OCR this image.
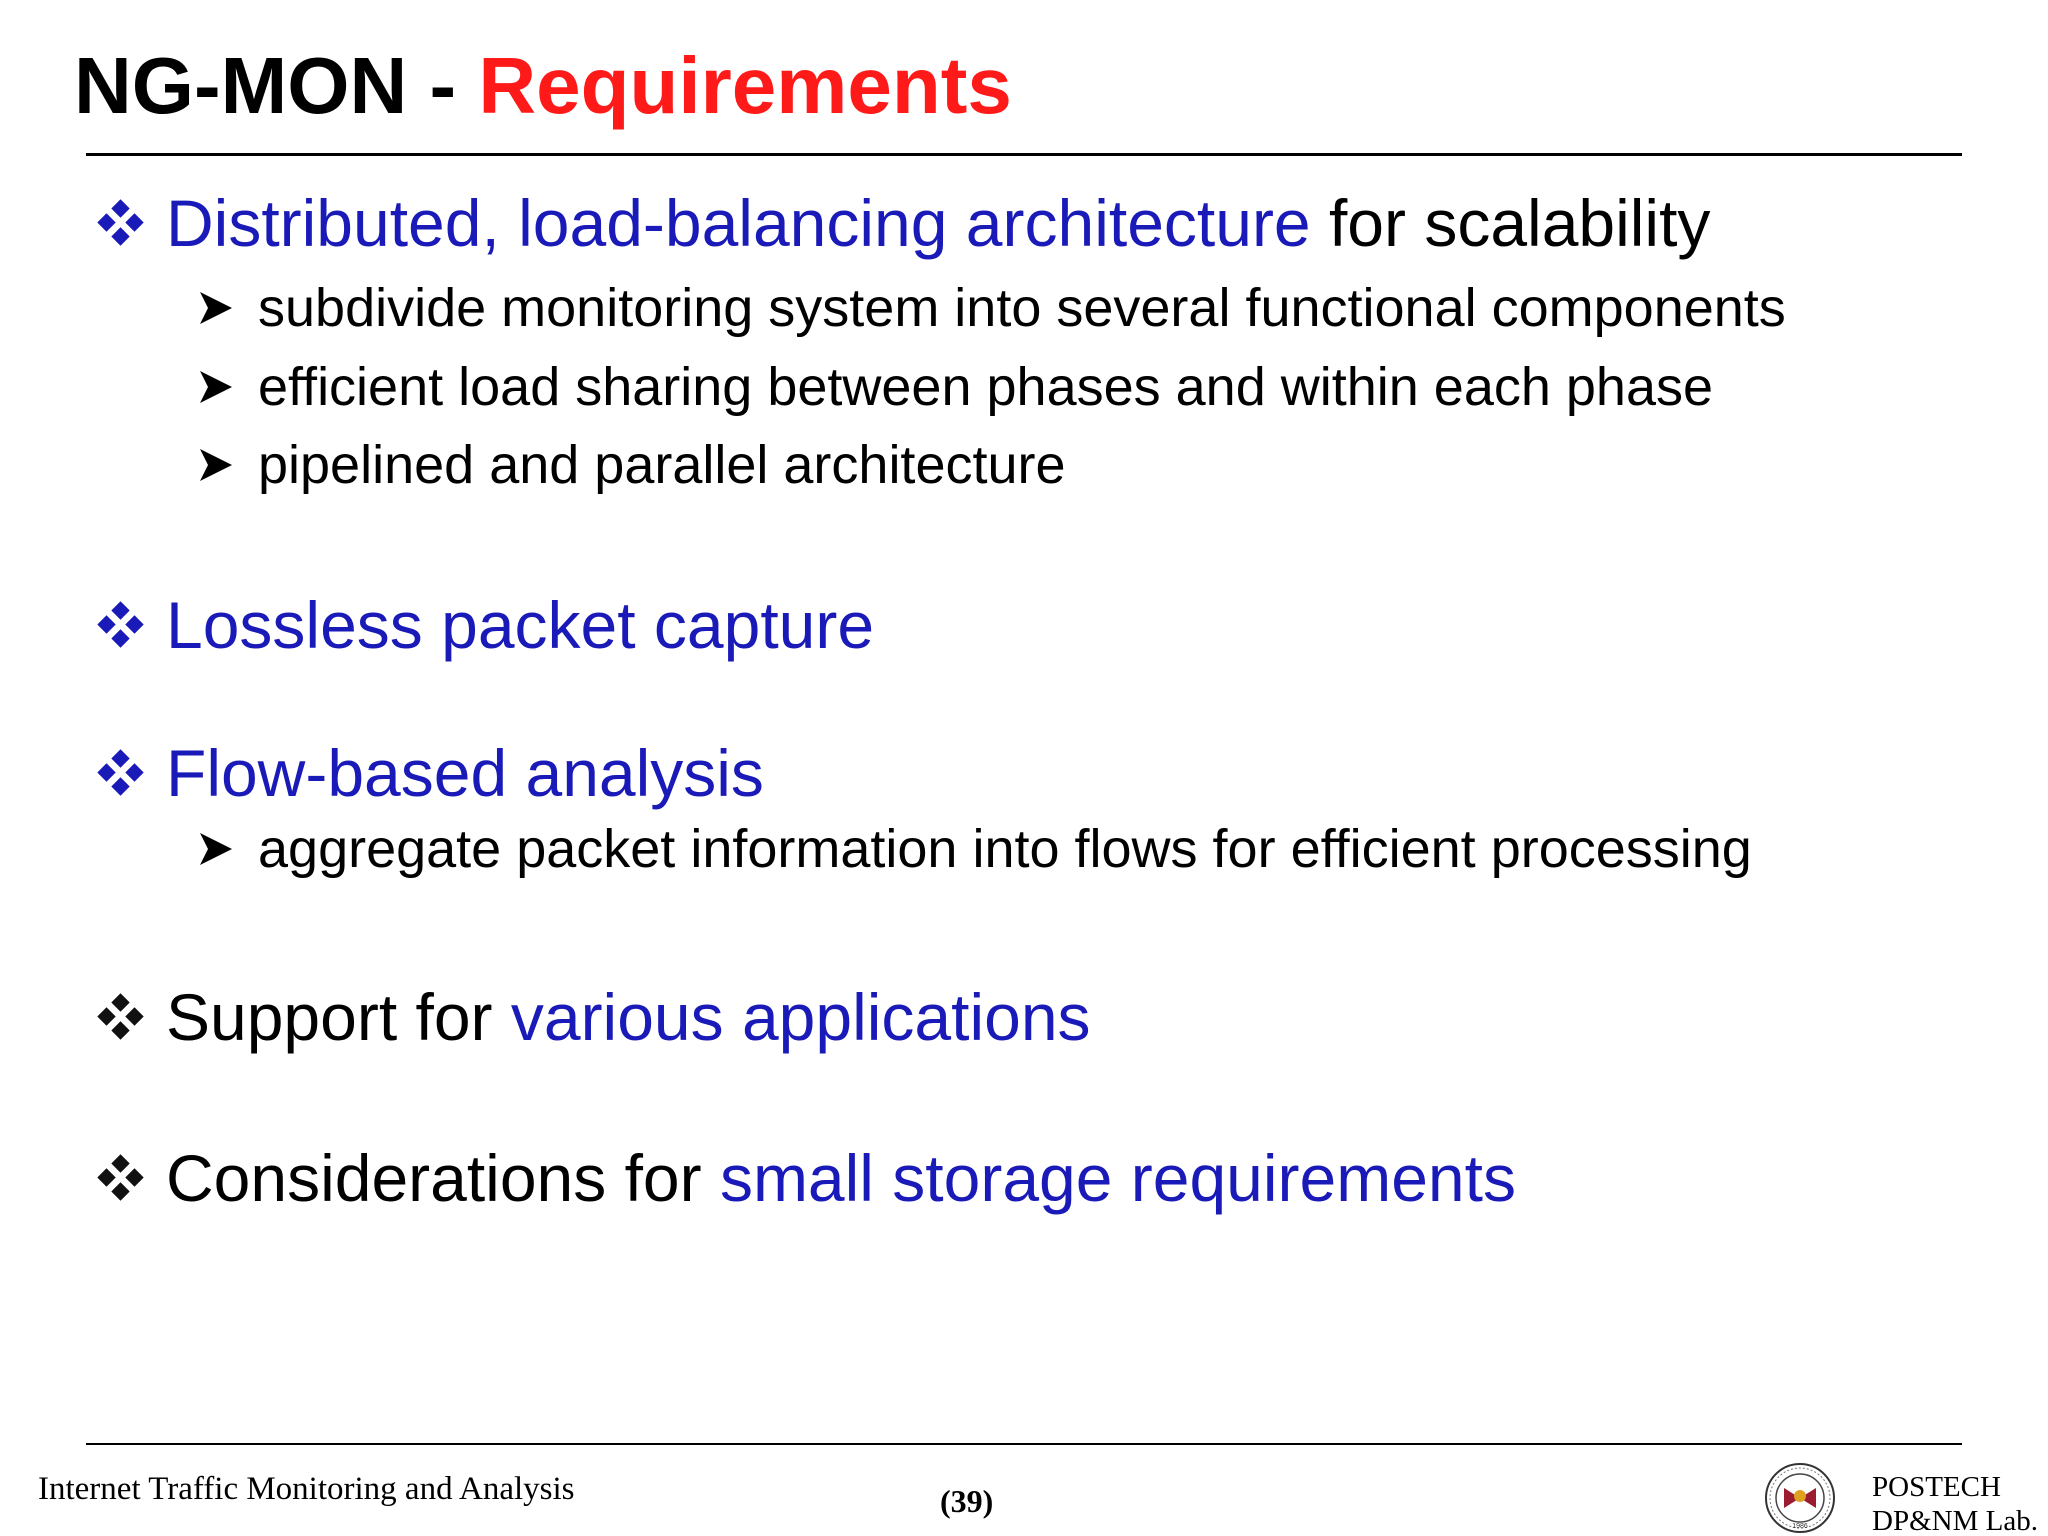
NG-MON - Requirements
Distributed, load-balancing architecture for scalability
subdivide monitoring system into several functional components
efficient load sharing between phases and within each phase
pipelined and parallel architecture
Lossless packet capture
Flow-based analysis
aggregate packet information into flows for efficient processing
Support for various applications
Considerations for small storage requirements
Internet Traffic Monitoring and Analysis	(39)
1986
POSTECH
DP&NM Lab.
